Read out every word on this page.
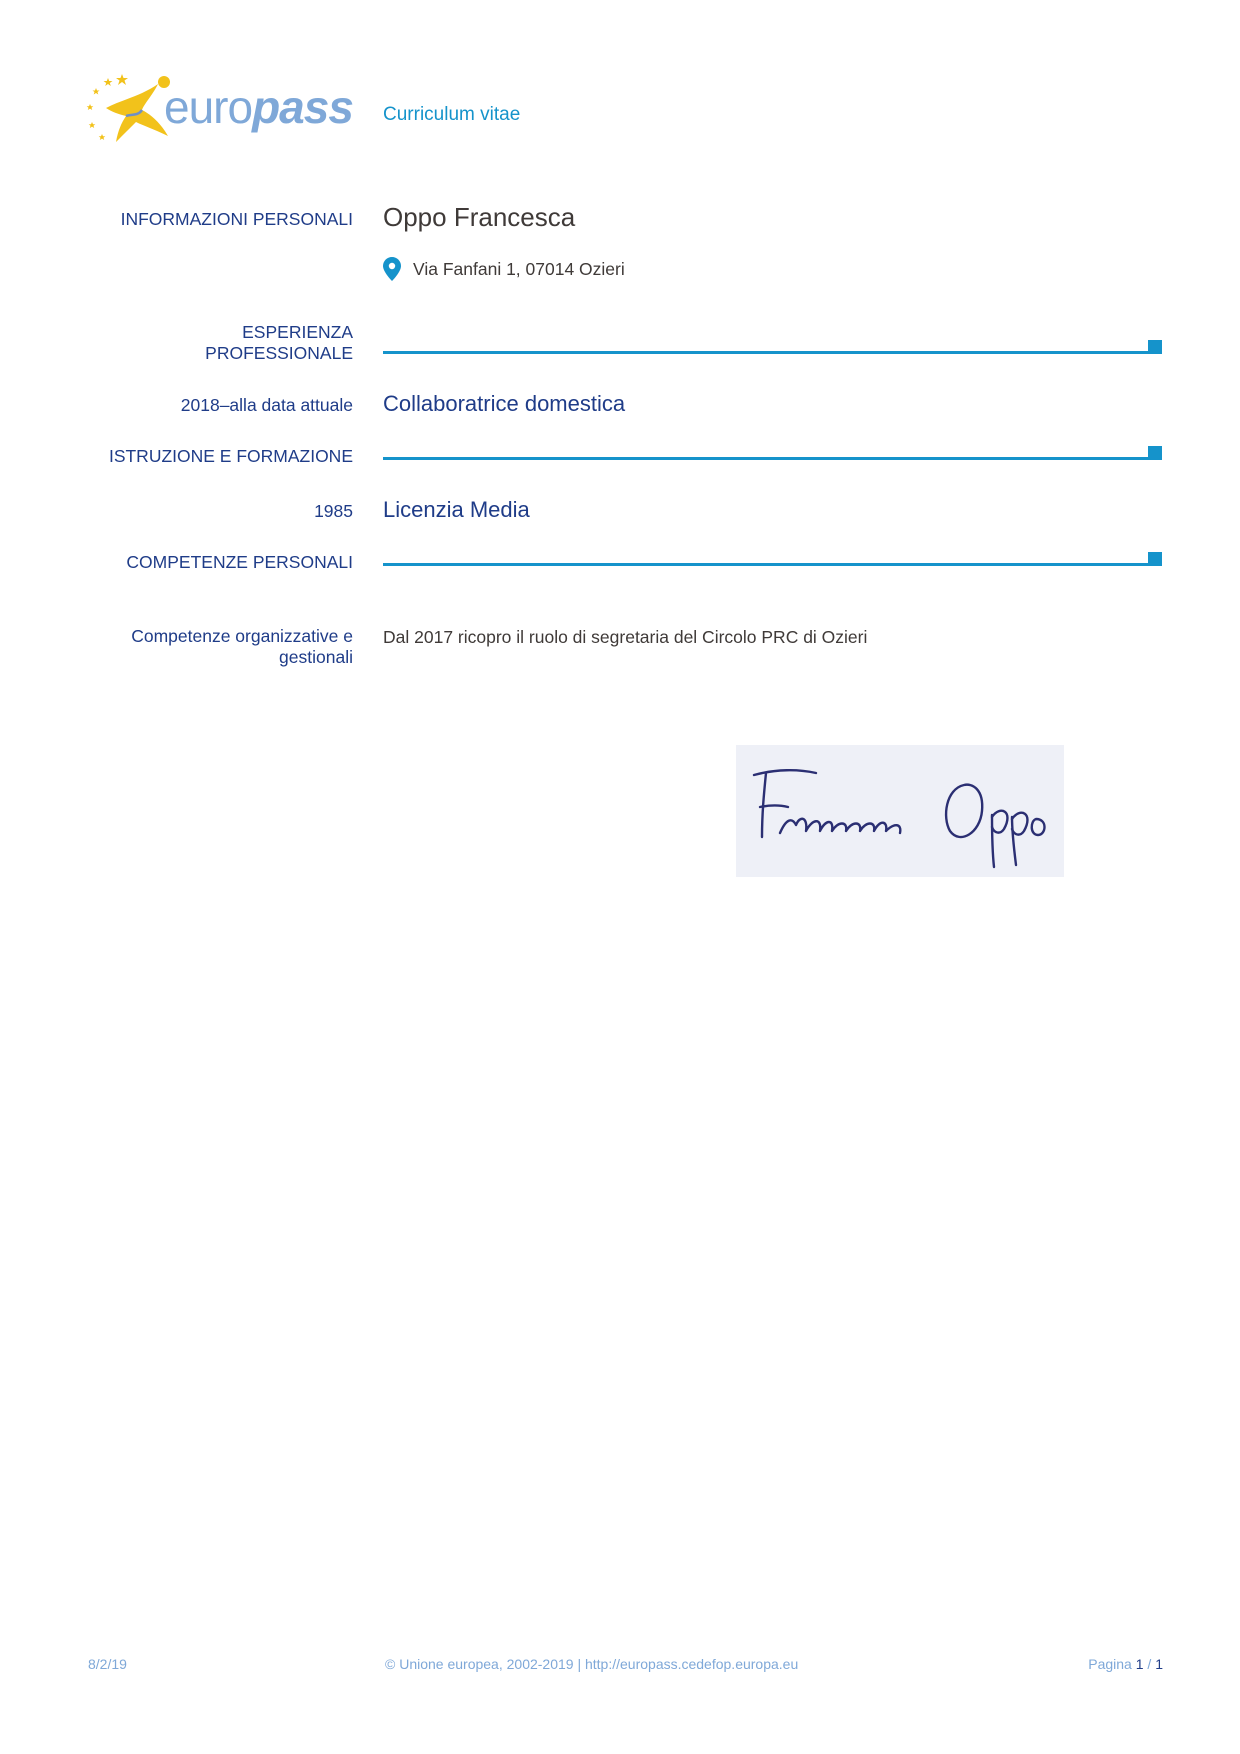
europass Curriculum vitae
INFORMAZIONI PERSONALI Oppo Francesca
Via Fanfani 1, 07014 Ozieri
ESPERIENZA
PROFESSIONALE
2018–alla data attuale Collaboratrice domestica
ISTRUZIONE E FORMAZIONE
1985 Licenzia Media
COMPETENZE PERSONALI
Competenze organizzative e
gestionali
Dal 2017 ricopro il ruolo di segretaria del Circolo PRC di Ozieri
8/2/19	© Unione europea, 2002-2019 | http://europass.cedefop.europa.eu	Pagina 1 / 1
